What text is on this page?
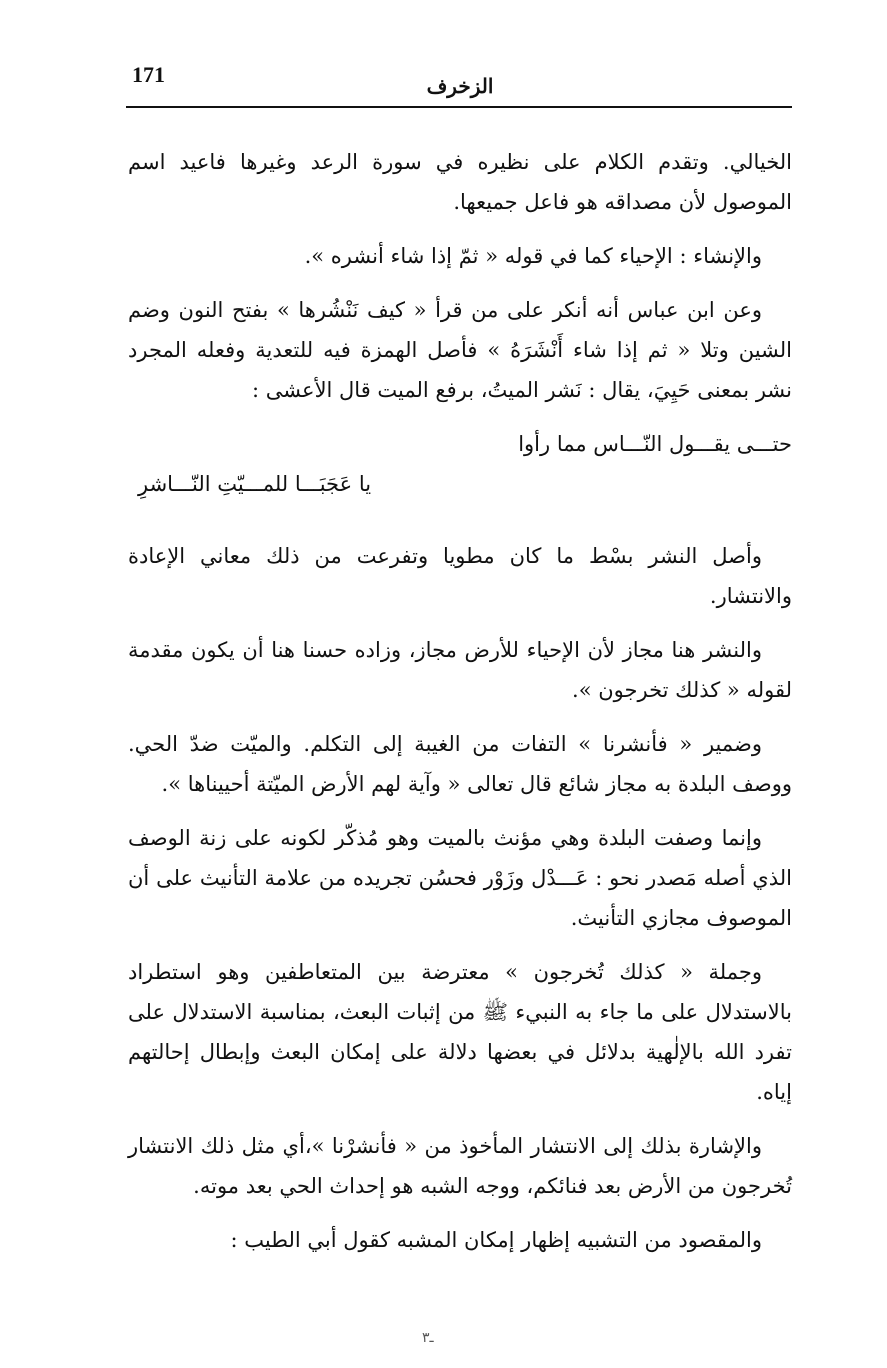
171	الزخرف

الخيالي. وتقدم الكلام على نظيره في سورة الرعد وغيرها فاعيد اسم الموصول لأن مصداقه هو فاعل جميعها.

والإنشاء : الإحياء كما في قوله « ثمّ إذا شاء أنشره ».

وعن ابن عباس أنه أنكر على من قرأ « كيف نَنْشُرها » بفتح النون وضم الشين وتلا « ثم إذا شاء أَنْشَرَهُ » فأصل الهمزة فيه للتعدية وفعله المجرد نشر بمعنى حَيِيَ، يقال : نَشر الميتُ، برفع الميت قال الأعشى :

حتـــى يقـــول النّـــاس مما رأوا
يا عَجَبَـــا للمـــيّتِ النّـــاشرِ

وأصل النشر بسْط ما كان مطويا وتفرعت من ذلك معاني الإعادة والانتشار.

والنشر هنا مجاز لأن الإحياء للأرض مجاز، وزاده حسنا هنا أن يكون مقدمة لقوله « كذلك تخرجون ».

وضمير « فأنشرنا » التفات من الغيبة إلى التكلم. والميّت ضدّ الحي. ووصف البلدة به مجاز شائع قال تعالى « وآية لهم الأرض الميّتة أحييناها ».

وإنما وصفت البلدة وهي مؤنث بالميت وهو مُذكّر لكونه على زنة الوصف الذي أصله مَصدر نحو : عَـــدْل وزَوْر فحسُن تجريده من علامة التأنيث على أن الموصوف مجازي التأنيث.

وجملة « كذلك تُخرجون » معترضة بين المتعاطفين وهو استطراد بالاستدلال على ما جاء به النبيء ﷺ من إثبات البعث، بمناسبة الاستدلال على تفرد الله بالإلٰهية بدلائل في بعضها دلالة على إمكان البعث وإبطال إحالتهم إياه.

والإشارة بذلك إلى الانتشار المأخوذ من « فأنشرْنا »،أي مثل ذلك الانتشار تُخرجون من الأرض بعد فنائكم، ووجه الشبه هو إحداث الحي بعد موته.

والمقصود من التشبيه إظهار إمكان المشبه كقول أبي الطيب :

ـ٣
